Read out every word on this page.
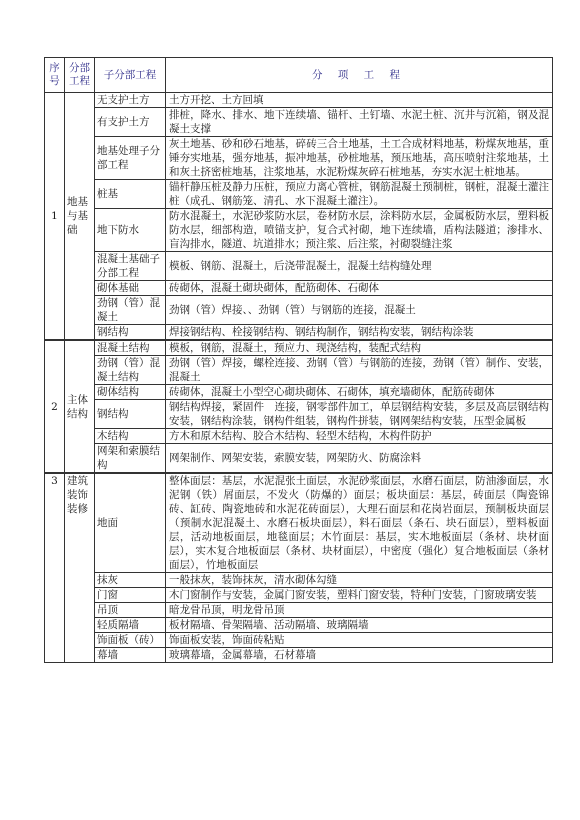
序号	分部工程	子分部工程	分 项 工 程
1	地基与基础	无支护土方	土方开挖、土方回填
		有支护土方	排桩，降水、排水、地下连续墙、锚杆、土钉墙、水泥土桩、沉井与沉箱，钢及混凝土支撑
		地基处理子分部工程	灰土地基、砂和砂石地基，碎砖三合土地基，土工合成材料地基，粉煤灰地基，重锤夯实地基，强夯地基，振冲地基，砂桩地基，预压地基，高压喷射注浆地基，土和灰土挤密桩地基，注浆地基，水泥粉煤灰碎石桩地基，夯实水泥土桩地基。
		桩基	锚杆静压桩及静力压桩，预应力离心管桩，钢筋混凝土预制桩，钢桩，混凝土灌注桩（成孔、钢筋笼、清孔、水下混凝土灌注）。
		地下防水	防水混凝土，水泥砂浆防水层，卷材防水层，涂料防水层，金属板防水层，塑料板防水层，细部构造，喷锚支护，复合式衬砌，地下连续墙，盾构法隧道；渗排水、盲沟排水，隧道、坑道排水；预注浆、后注浆，衬砌裂缝注浆
		混凝土基础子分部工程	模板、钢筋、混凝土，后浇带混凝土，混凝土结构缝处理
		砌体基础	砖砌体，混凝土砌块砌体，配筋砌体、石砌体
		劲钢（管）混凝土	劲钢（管）焊接、、劲钢（管）与钢筋的连接，混凝土
		钢结构	焊接钢结构、栓接钢结构、钢结构制作，钢结构安装，钢结构涂装
2	主体结构	混凝土结构	模板，钢筋，混凝土，预应力、现浇结构，装配式结构
		劲钢（管）混凝土结构	劲钢（管）焊接，螺栓连接、劲钢（管）与钢筋的连接，劲钢（管）制作、安装，混凝土
		砌体结构	砖砌体，混凝土小型空心砌块砌体、石砌体，填充墙砌体，配筋砖砌体
		钢结构	钢结构焊接，紧固件　连接，钢零部件加工，单层钢结构安装，多层及高层钢结构安装，钢结构涂装，钢构件组装，钢构件拼装，钢网架结构安装，压型金属板
		木结构	方木和原木结构、胶合木结构、轻型木结构，木构件防护
		网架和索膜结构	网架制作、网架安装，索膜安装，网架防火、防腐涂料
3	建筑装饰装修	地面	整体面层：基层，水泥混张土面层，水泥砂浆面层，水磨石面层，防油渗面层，水泥钢（铁）屑面层，不发火（防爆的）面层；板块面层：基层，砖面层（陶瓷锦砖、缸砖、陶瓷地砖和水泥花砖面层），大理石面层和花岗岩面层，预制板块面层（预制水泥混凝土、水磨石板块面层），料石面层（条石、块石面层），塑料板面层，活动地板面层，地毯面层；木竹面层：基层，实木地板面层（条材、块材面层），实木复合地板面层（条材、块材面层），中密度（强化）复合地板面层（条材面层），竹地板面层
		抹灰	一般抹灰，装饰抹灰，清水砌体勾缝
		门窗	木门窗制作与安装，金属门窗安装，塑料门窗安装，特种门安装，门窗玻璃安装
		吊顶	暗龙骨吊顶，明龙骨吊顶
		轻质隔墙	板材隔墙、骨架隔墙、活动隔墙、玻璃隔墙
		饰面板（砖）	饰面板安装，饰面砖粘贴
		幕墙	玻璃幕墙，金属幕墙，石材幕墙
